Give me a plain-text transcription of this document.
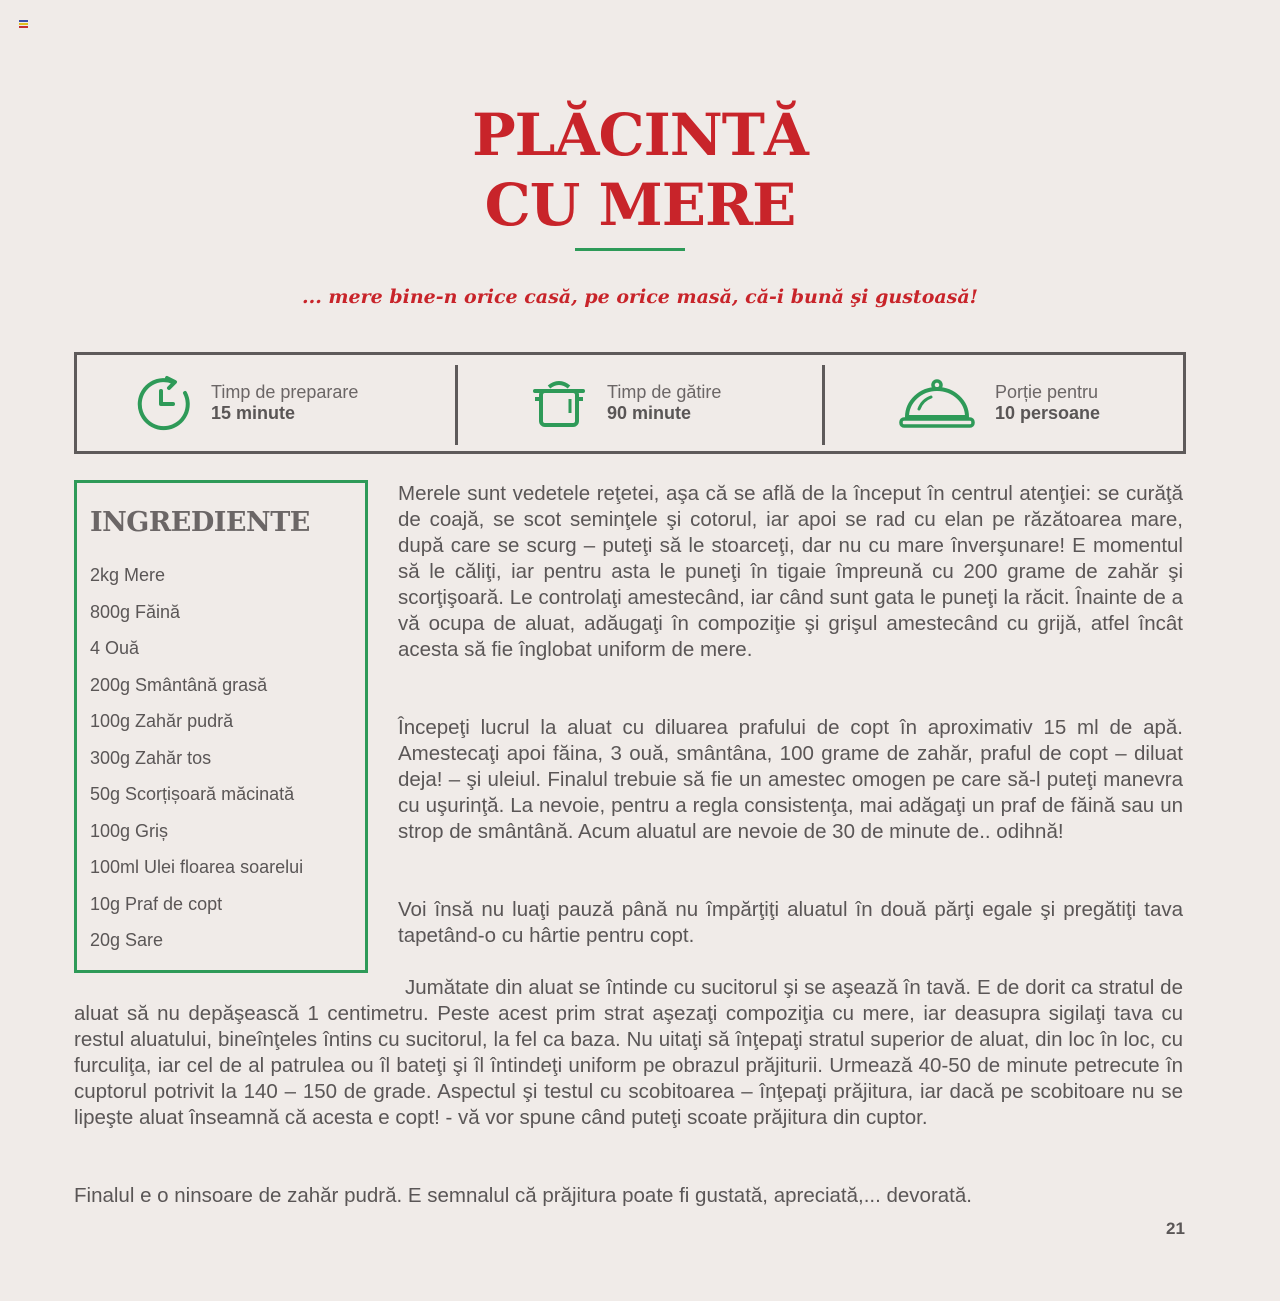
PLĂCINTĂ
CU MERE
... mere bine-n orice casă, pe orice masă, că-i bună şi gustoasă!
Timp de preparare
15 minute
Timp de gătire
90 minute
Porție pentru
10 persoane
INGREDIENTE
2kg Mere
800g Făină
4 Ouă
200g Smântână grasă
100g Zahăr pudră
300g Zahăr tos
50g Scorțișoară măcinată
100g Griș
100ml Ulei floarea soarelui
10g Praf de copt
20g Sare

Merele sunt vedetele reţetei, aşa că se află de la început în centrul atenţiei: se curăţă de coajă, se scot seminţele şi cotorul, iar apoi se rad cu elan pe răzătoarea mare, după care se scurg – puteţi să le stoarceţi, dar nu cu mare înverşunare! E momentul să le căliţi, iar pentru asta le puneţi în tigaie împreună cu 200 grame de zahăr şi scorţişoară. Le controlaţi amestecând, iar când sunt gata le puneţi la răcit. Înainte de a vă ocupa de aluat, adăugaţi în compoziţie şi grişul amestecând cu grijă, atfel încât acesta să fie înglobat uniform de mere.

Începeţi lucrul la aluat cu diluarea prafului de copt în aproximativ 15 ml de apă. Amestecaţi apoi făina, 3 ouă, smântâna, 100 grame de zahăr, praful de copt – diluat deja! – şi uleiul. Finalul trebuie să fie un amestec omogen pe care să-l puteţi manevra cu uşurinţă. La nevoie, pentru a regla consistenţa, mai adăgaţi un praf de făină sau un strop de smântână. Acum aluatul are nevoie de 30 de minute de.. odihnă!

Voi însă nu luaţi pauză până nu împărţiţi aluatul în două părţi egale şi pregătiţi tava tapetând-o cu hârtie pentru copt.

Jumătate din aluat se întinde cu sucitorul şi se aşează în tavă. E de dorit ca stratul de aluat să nu depăşească 1 centimetru. Peste acest prim strat aşezaţi compoziţia cu mere, iar deasupra sigilaţi tava cu restul aluatului, bineînţeles întins cu sucitorul, la fel ca baza. Nu uitaţi să înţepaţi stratul superior de aluat, din loc în loc, cu furculiţa, iar cel de al patrulea ou îl bateţi şi îl întindeţi uniform pe obrazul prăjiturii. Urmează 40-50 de minute petrecute în cuptorul potrivit la 140 – 150 de grade. Aspectul şi testul cu scobitoarea – înţepaţi prăjitura, iar dacă pe scobitoare nu se lipeşte aluat înseamnă că acesta e copt! - vă vor spune când puteţi scoate prăjitura din cuptor.

Finalul e o ninsoare de zahăr pudră. E semnalul că prăjitura poate fi gustată, apreciată,... devorată.

21
